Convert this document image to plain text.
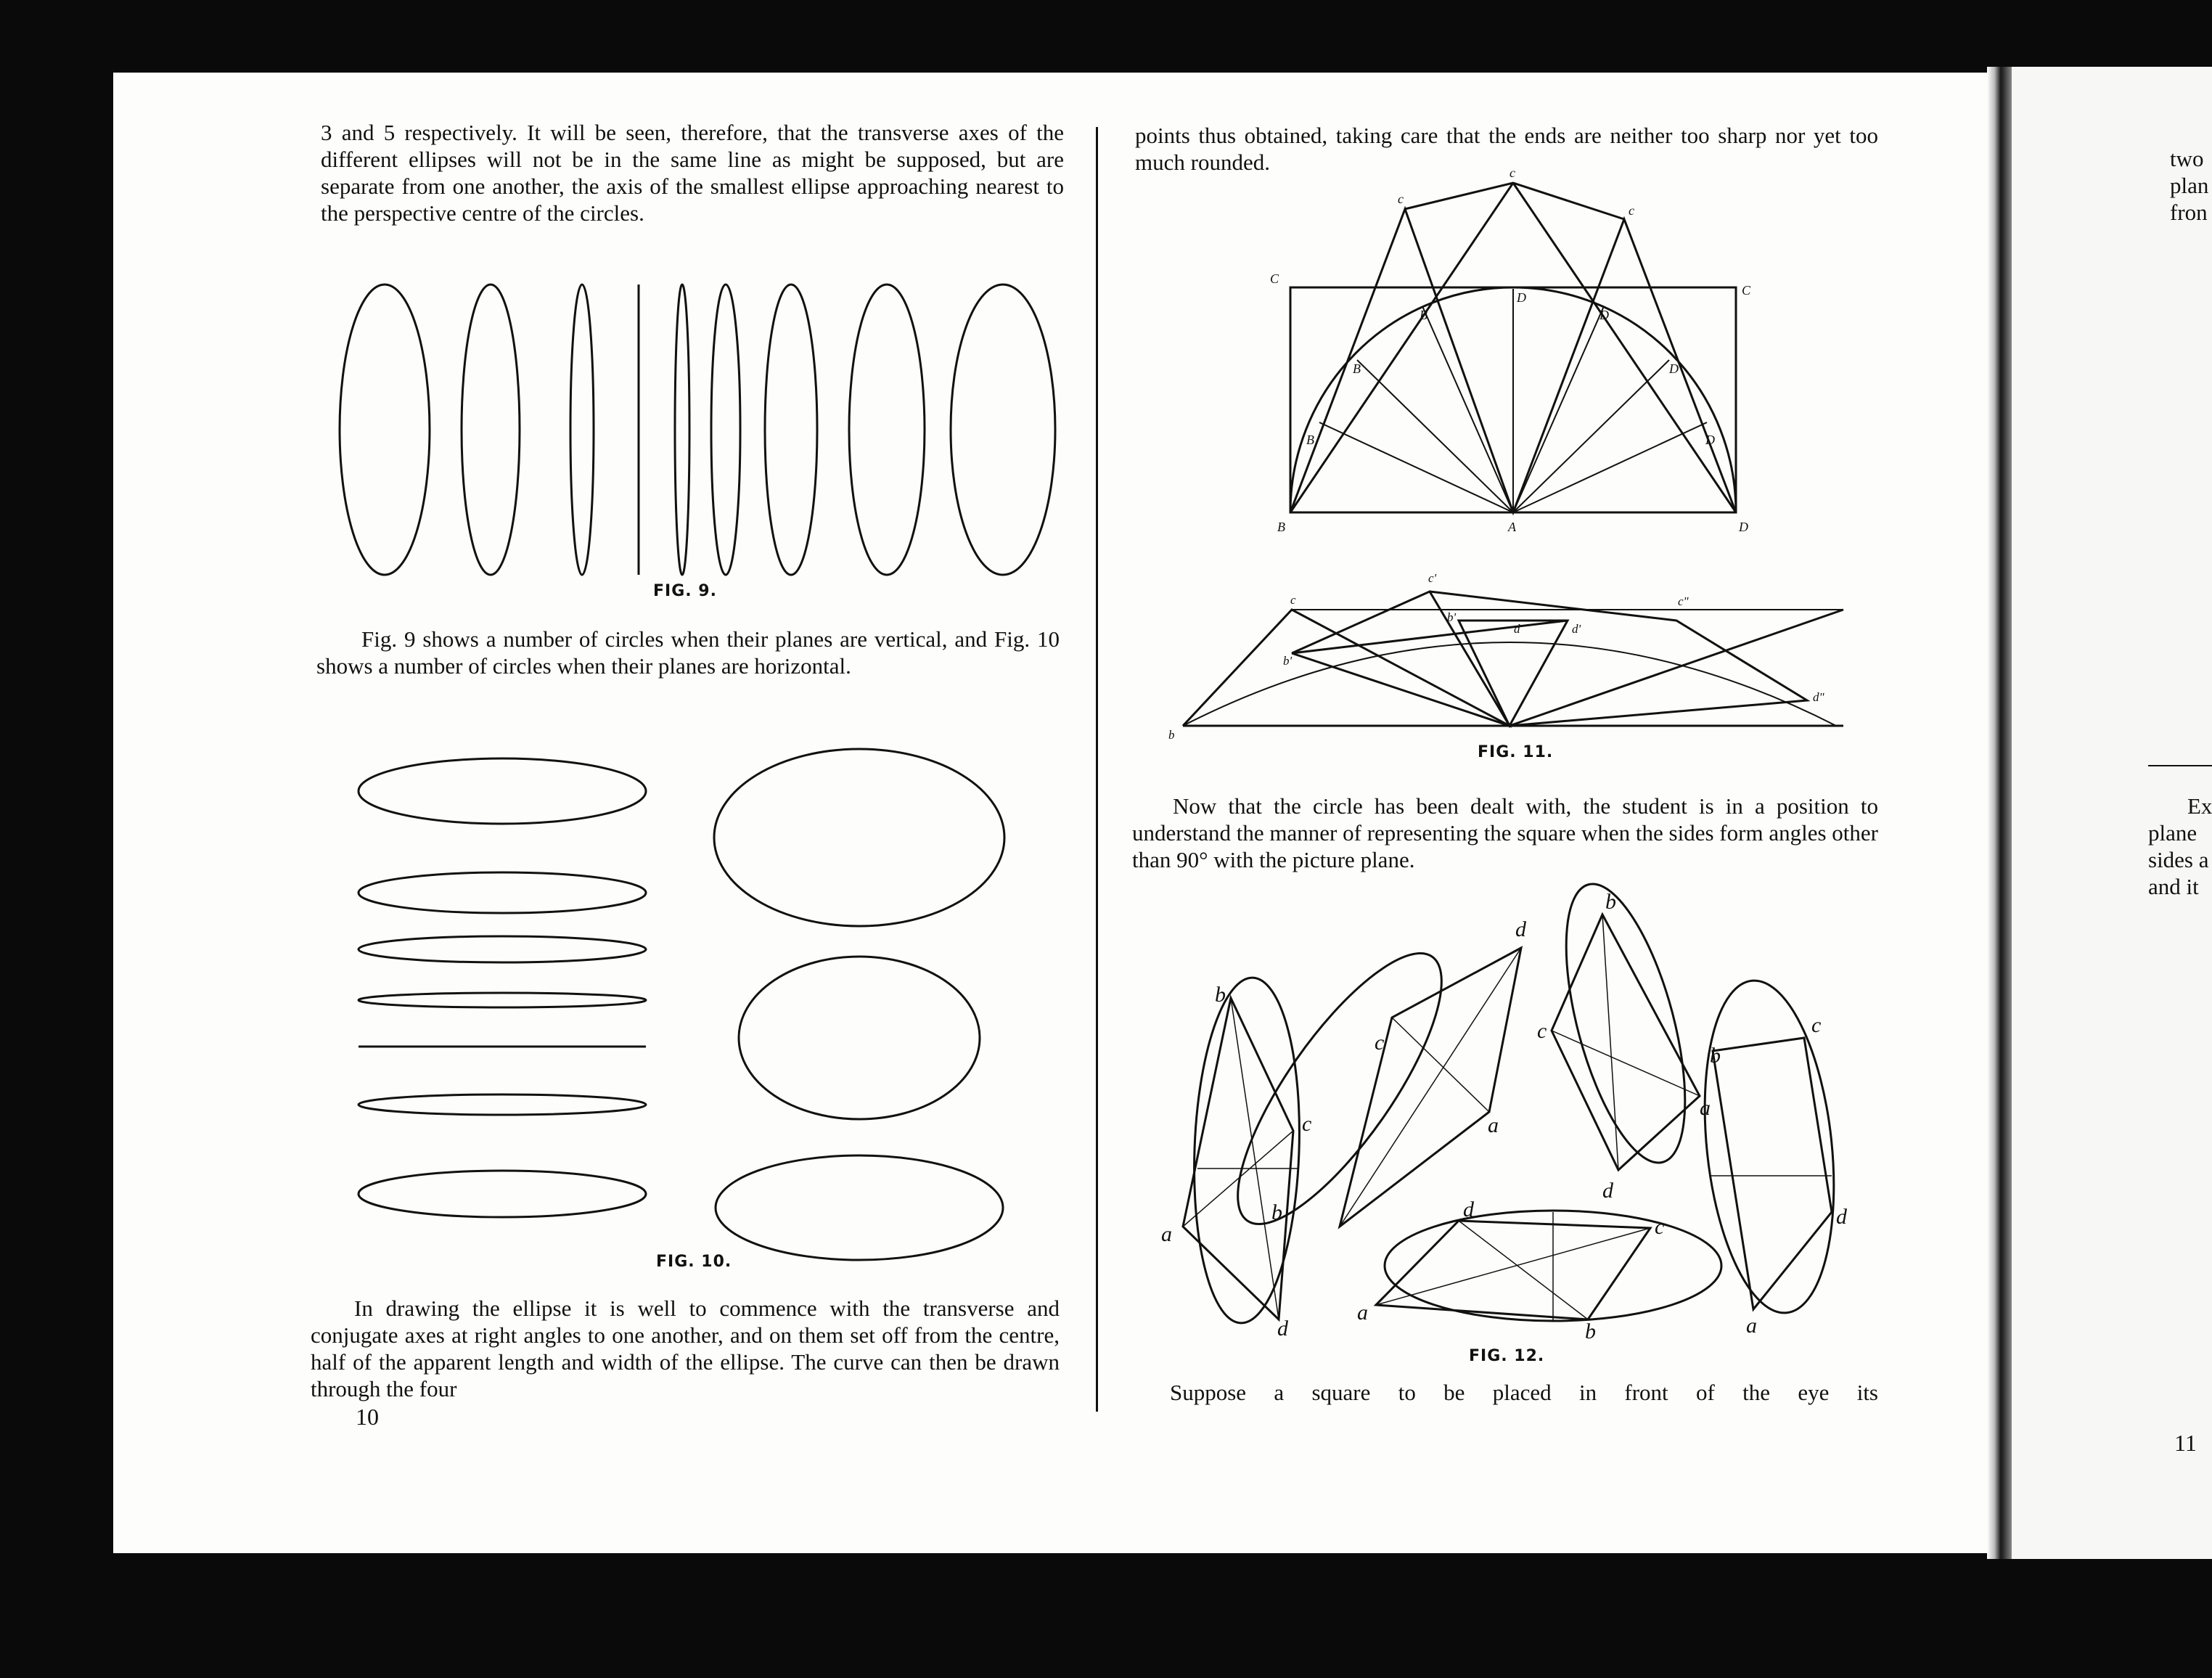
3 and 5 respectively. It will be seen, therefore, that the transverse axes of the different ellipses will not be in the same line as might be supposed, but are separate from one another, the axis of the smallest ellipse approaching nearest to the perspective centre of the circles.

FIG. 9.

Fig. 9 shows a number of circles when their planes are vertical, and Fig. 10 shows a number of circles when their planes are horizontal.

FIG. 10.

In drawing the ellipse it is well to commence with the transverse and conjugate axes at right angles to one another, and on them set off from the centre, half of the apparent length and width of the ellipse. The curve can then be drawn through the four

10

points thus obtained, taking care that the ends are neither too sharp nor yet too much rounded.

C
C
c
c
c
B	A	D
B
B
B
D
D
D
D
b
c
c'
b'
b'
d	d'
c"
d"
FIG. 11.

Now that the circle has been dealt with, the student is in a position to understand the manner of representing the square when the sides form angles other than 90° with the picture plane.

b
c
a
b
d
d
c
a
b
c
a
d
b
c
d
a
d
c
a
b
FIG. 12.

Suppose a square to be placed in front of the eye its

11
two
plan
fron
Ex
plane
sides a
and it
